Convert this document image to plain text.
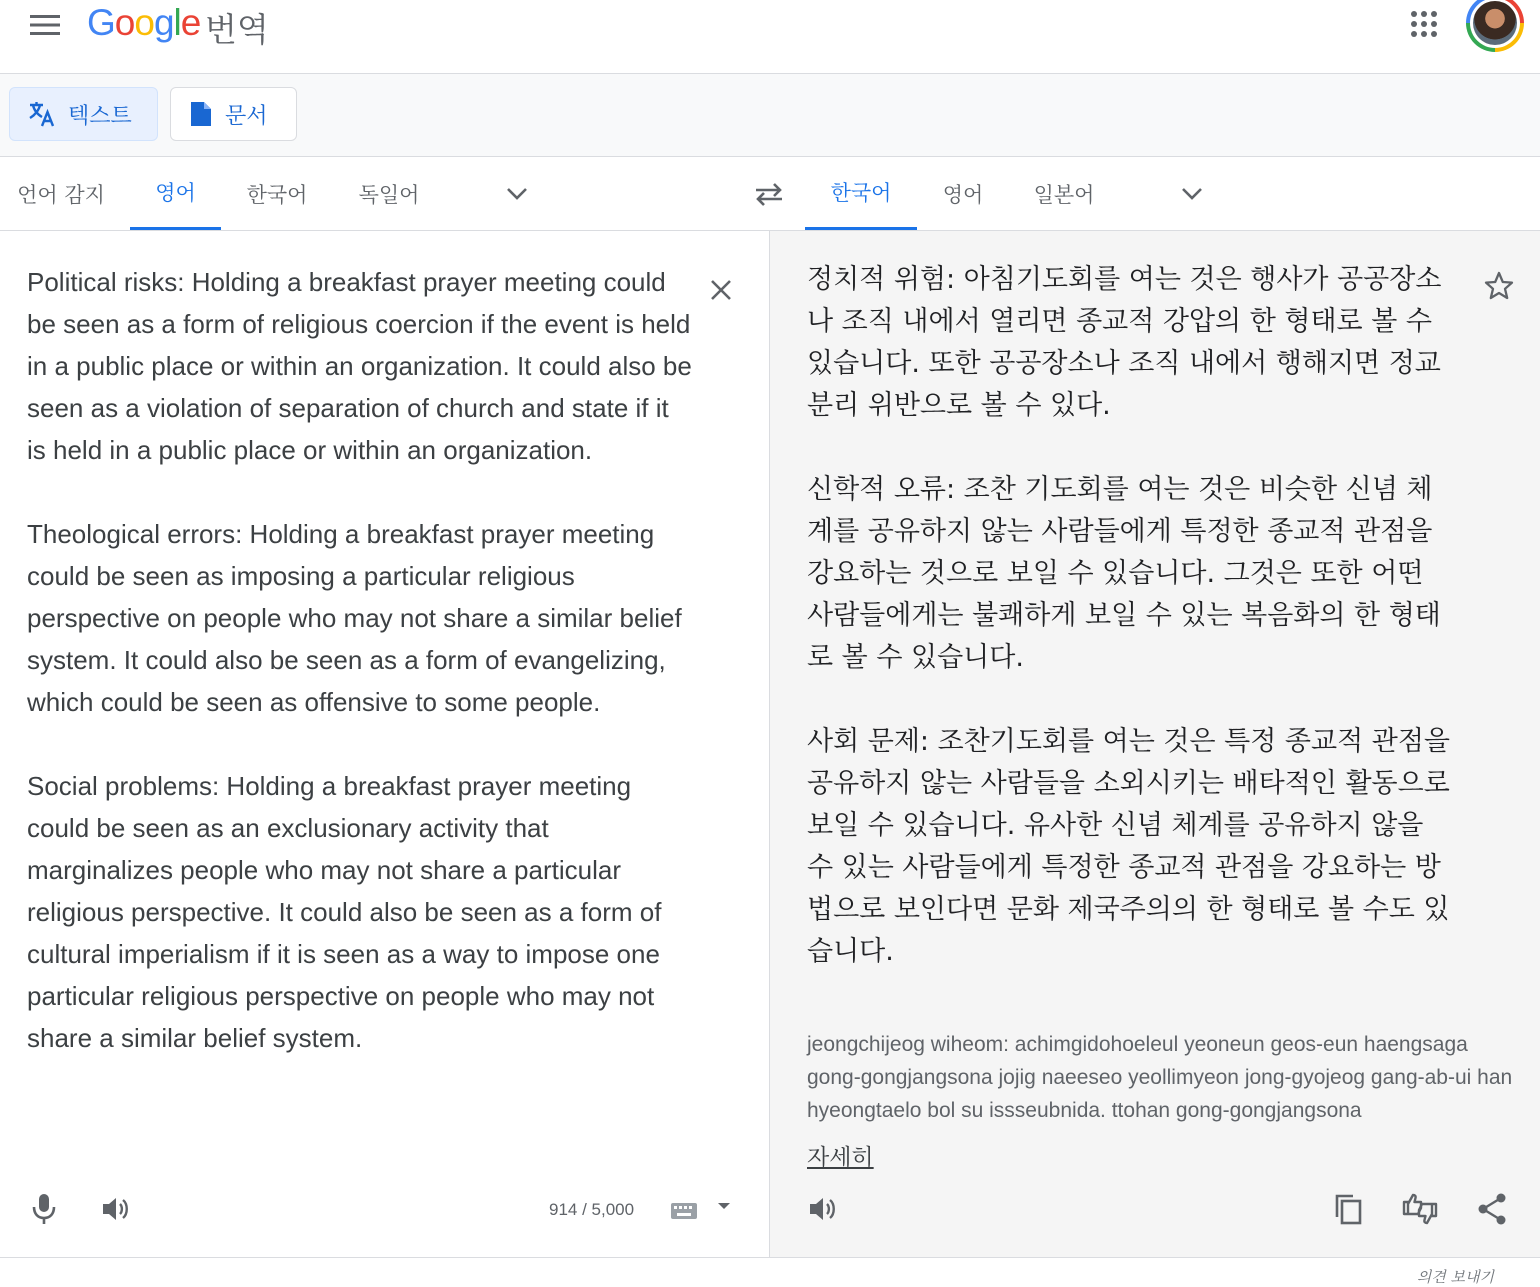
Google 번역
텍스트	문서
언어 감지	영어	한국어	독일어	한국어	영어	일본어
Political risks: Holding a breakfast prayer meeting could be seen as a form of religious coercion if the event is held in a public place or within an organization. It could also be seen as a violation of separation of church and state if it is held in a public place or within an organization.

Theological errors: Holding a breakfast prayer meeting could be seen as imposing a particular religious perspective on people who may not share a similar belief system. It could also be seen as a form of evangelizing, which could be seen as offensive to some people.

Social problems: Holding a breakfast prayer meeting could be seen as an exclusionary activity that marginalizes people who may not share a particular religious perspective. It could also be seen as a form of cultural imperialism if it is seen as a way to impose one particular religious perspective on people who may not share a similar belief system.
914 / 5,000
정치적 위험: 아침기도회를 여는 것은 행사가 공공장소나 조직 내에서 열리면 종교적 강압의 한 형태로 볼 수 있습니다. 또한 공공장소나 조직 내에서 행해지면 정교분리 위반으로 볼 수 있다.

신학적 오류: 조찬 기도회를 여는 것은 비슷한 신념 체계를 공유하지 않는 사람들에게 특정한 종교적 관점을 강요하는 것으로 보일 수 있습니다. 그것은 또한 어떤 사람들에게는 불쾌하게 보일 수 있는 복음화의 한 형태로 볼 수 있습니다.

사회 문제: 조찬기도회를 여는 것은 특정 종교적 관점을 공유하지 않는 사람들을 소외시키는 배타적인 활동으로 보일 수 있습니다. 유사한 신념 체계를 공유하지 않을 수 있는 사람들에게 특정한 종교적 관점을 강요하는 방법으로 보인다면 문화 제국주의의 한 형태로 볼 수도 있습니다.
jeongchijeog wiheom: achimgidohoeleul yeoneun geos-eun haengsaga gong-gongjangsona jojig naeeseo yeollimyeon jong-gyojeog gang-ab-ui han hyeongtaelo bol su issseubnida. ttohan gong-gongjangsona
자세히
의견 보내기
